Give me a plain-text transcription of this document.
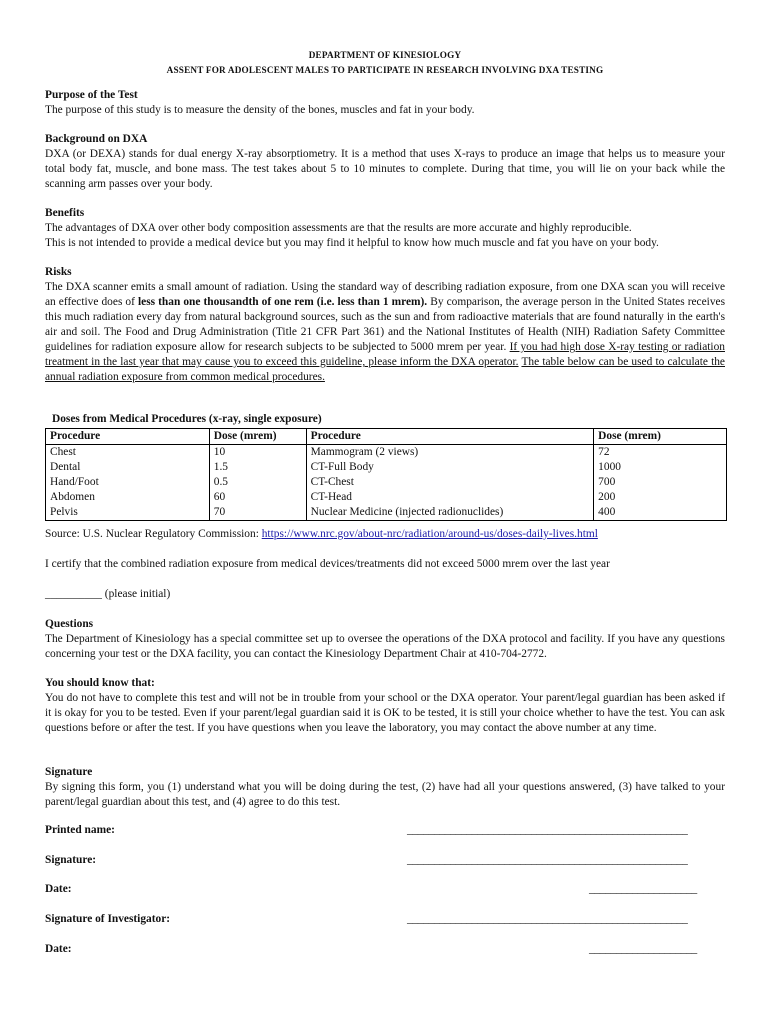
DEPARTMENT OF KINESIOLOGY
ASSENT FOR ADOLESCENT MALES TO PARTICIPATE IN RESEARCH INVOLVING DXA TESTING
Purpose of the Test
The purpose of this study is to measure the density of the bones, muscles and fat in your body.
Background on DXA
DXA (or DEXA) stands for dual energy X-ray absorptiometry. It is a method that uses X-rays to produce an image that helps us to measure your total body fat, muscle, and bone mass. The test takes about 5 to 10 minutes to complete. During that time, you will lie on your back while the scanning arm passes over your body.
Benefits
The advantages of DXA over other body composition assessments are that the results are more accurate and highly reproducible.
This is not intended to provide a medical device but you may find it helpful to know how much muscle and fat you have on your body.
Risks
The DXA scanner emits a small amount of radiation. Using the standard way of describing radiation exposure, from one DXA scan you will receive an effective does of less than one thousandth of one rem (i.e. less than 1 mrem). By comparison, the average person in the United States receives this much radiation every day from natural background sources, such as the sun and from radioactive materials that are found naturally in the earth's air and soil. The Food and Drug Administration (Title 21 CFR Part 361) and the National Institutes of Health (NIH) Radiation Safety Committee guidelines for radiation exposure allow for research subjects to be subjected to 5000 mrem per year. If you had high dose X-ray testing or radiation treatment in the last year that may cause you to exceed this guideline, please inform the DXA operator. The table below can be used to calculate the annual radiation exposure from common medical procedures.
Doses from Medical Procedures (x-ray, single exposure)
Procedure	Dose (mrem)	Procedure	Dose (mrem)
Chest	10	Mammogram (2 views)	72
Dental	1.5	CT-Full Body	1000
Hand/Foot	0.5	CT-Chest	700
Abdomen	60	CT-Head	200
Pelvis	70	Nuclear Medicine (injected radionuclides)	400
Source: U.S. Nuclear Regulatory Commission: https://www.nrc.gov/about-nrc/radiation/around-us/doses-daily-lives.html
I certify that the combined radiation exposure from medical devices/treatments did not exceed 5000 mrem over the last year
__________ (please initial)
Questions
The Department of Kinesiology has a special committee set up to oversee the operations of the DXA protocol and facility. If you have any questions concerning your test or the DXA facility, you can contact the Kinesiology Department Chair at 410-704-2772.
You should know that:
You do not have to complete this test and will not be in trouble from your school or the DXA operator. Your parent/legal guardian has been asked if it is okay for you to be tested. Even if your parent/legal guardian said it is OK to be tested, it is still your choice whether to have the test. You can ask questions before or after the test. If you have questions when you leave the laboratory, you may contact the above number at any time.
Signature
By signing this form, you (1) understand what you will be doing during the test, (2) have had all your questions answered, (3) have talked to your parent/legal guardian about this test, and (4) agree to do this test.
Printed name:	____________________________________________________
Signature:	____________________________________________________
Date:	____________________
Signature of Investigator:	____________________________________________________
Date:	____________________
